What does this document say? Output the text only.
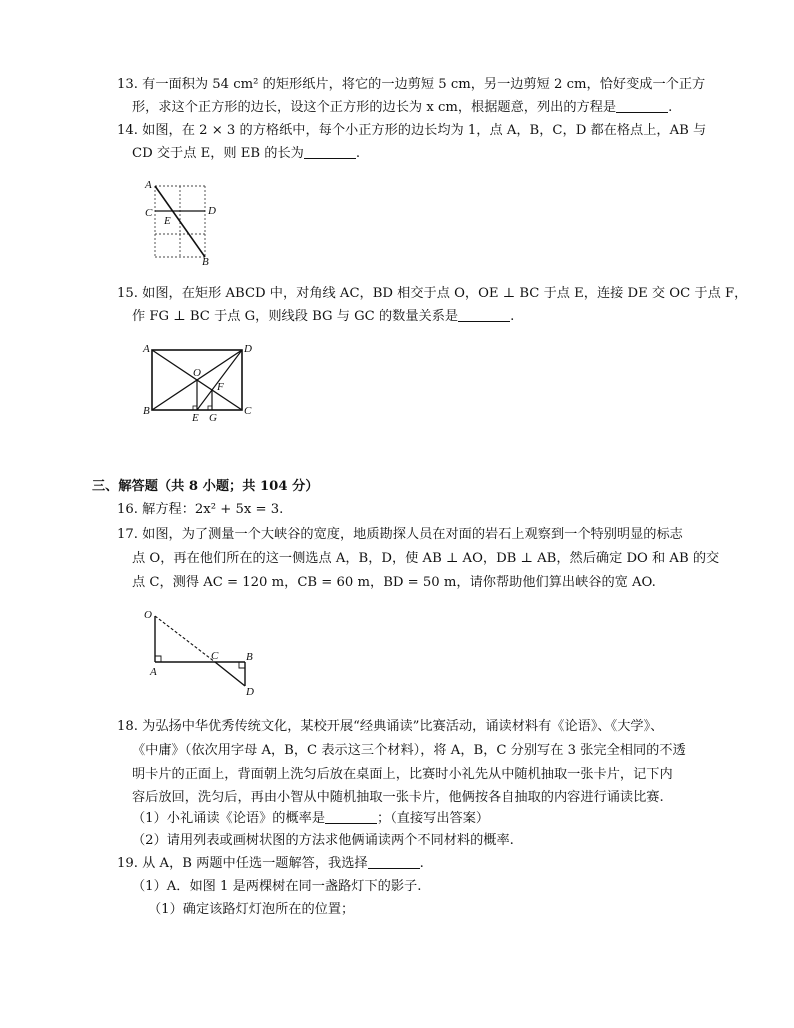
13. 有一面积为 54 cm² 的矩形纸片，将它的一边剪短 5 cm，另一边剪短 2 cm，恰好变成一个正方
形，求这个正方形的边长，设这个正方形的边长为 x cm，根据题意，列出的方程是	.
14. 如图，在 2 × 3 的方格纸中，每个小正方形的边长均为 1，点 A，B，C，D 都在格点上，AB 与
CD 交于点 E，则 EB 的长为	.
A
C	D
E
B
15. 如图，在矩形 ABCD 中，对角线 AC，BD 相交于点 O，OE ⊥ BC 于点 E，连接 DE 交 OC 于点 F，
作 FG ⊥ BC 于点 G，则线段 BG 与 GC 的数量关系是	.
A	D
B	C
O
F
E G
三、解答题（共 8 小题；共 104 分）
16. 解方程：2x² + 5x = 3.
17. 如图，为了测量一个大峡谷的宽度，地质勘探人员在对面的岩石上观察到一个特别明显的标志
点 O，再在他们所在的这一侧选点 A，B，D，使 AB ⊥ AO，DB ⊥ AB，然后确定 DO 和 AB 的交
点 C，测得 AC = 120 m，CB = 60 m，BD = 50 m，请你帮助他们算出峡谷的宽 AO.
O
A
C	B
D
18. 为弘扬中华优秀传统文化，某校开展“经典诵读”比赛活动，诵读材料有《论语》、《大学》、
《中庸》（依次用字母 A，B，C 表示这三个材料），将 A，B，C 分别写在 3 张完全相同的不透
明卡片的正面上，背面朝上洗匀后放在桌面上，比赛时小礼先从中随机抽取一张卡片，记下内
容后放回，洗匀后，再由小智从中随机抽取一张卡片，他俩按各自抽取的内容进行诵读比赛.
（1）小礼诵读《论语》的概率是	；（直接写出答案）
（2）请用列表或画树状图的方法求他俩诵读两个不同材料的概率.
19. 从 A，B 两题中任选一题解答，我选择	.
（1）A．如图 1 是两棵树在同一盏路灯下的影子.
（1）确定该路灯灯泡所在的位置；
